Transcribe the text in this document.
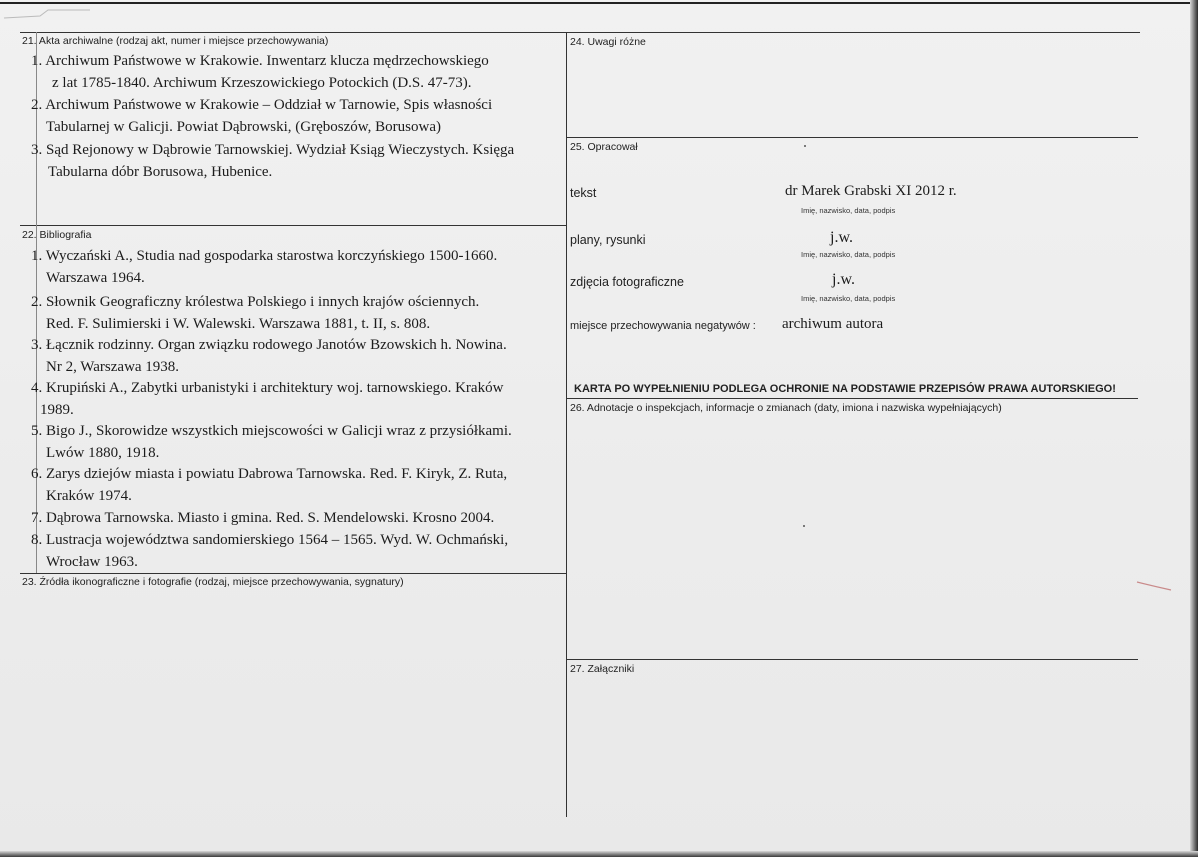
21. Akta archiwalne (rodzaj akt, numer i miejsce przechowywania)
1. Archiwum Państwowe w Krakowie. Inwentarz klucza mędrzechowskiego
z lat 1785-1840. Archiwum Krzeszowickiego Potockich (D.S. 47-73).
2. Archiwum Państwowe w Krakowie – Oddział w Tarnowie, Spis własności
Tabularnej w Galicji. Powiat Dąbrowski, (Gręboszów, Borusowa)
3. Sąd Rejonowy w Dąbrowie Tarnowskiej. Wydział Ksiąg Wieczystych. Księga
Tabularna dóbr Borusowa, Hubenice.
22. Bibliografia
1. Wyczański A., Studia nad gospodarka starostwa korczyńskiego 1500-1660.
Warszawa 1964.
2. Słownik Geograficzny królestwa Polskiego i innych krajów ościennych.
Red. F. Sulimierski i W. Walewski. Warszawa 1881, t. II, s. 808.
3. Łącznik rodzinny. Organ związku rodowego Janotów Bzowskich h. Nowina.
Nr 2, Warszawa 1938.
4. Krupiński A., Zabytki urbanistyki i architektury woj. tarnowskiego. Kraków
1989.
5. Bigo J., Skorowidze wszystkich miejscowości w Galicji wraz z przysiółkami.
Lwów 1880, 1918.
6. Zarys dziejów miasta i powiatu Dabrowa Tarnowska. Red. F. Kiryk, Z. Ruta,
Kraków 1974.
7. Dąbrowa Tarnowska. Miasto i gmina. Red. S. Mendelowski. Krosno 2004.
8. Lustracja województwa sandomierskiego 1564 – 1565. Wyd. W. Ochmański,
Wrocław 1963.
23. Źródła ikonograficzne i fotografie (rodzaj, miejsce przechowywania, sygnatury)
24. Uwagi różne
25. Opracował
tekst	dr Marek Grabski XI 2012 r.
Imię, nazwisko, data, podpis
plany, rysunki	j.w.
Imię, nazwisko, data, podpis
zdjęcia fotograficzne	j.w.
Imię, nazwisko, data, podpis
miejsce przechowywania negatywów : archiwum autora
KARTA PO WYPEŁNIENIU PODLEGA OCHRONIE NA PODSTAWIE PRZEPISÓW PRAWA AUTORSKIEGO!
26. Adnotacje o inspekcjach, informacje o zmianach (daty, imiona i nazwiska wypełniających)
27. Załączniki
